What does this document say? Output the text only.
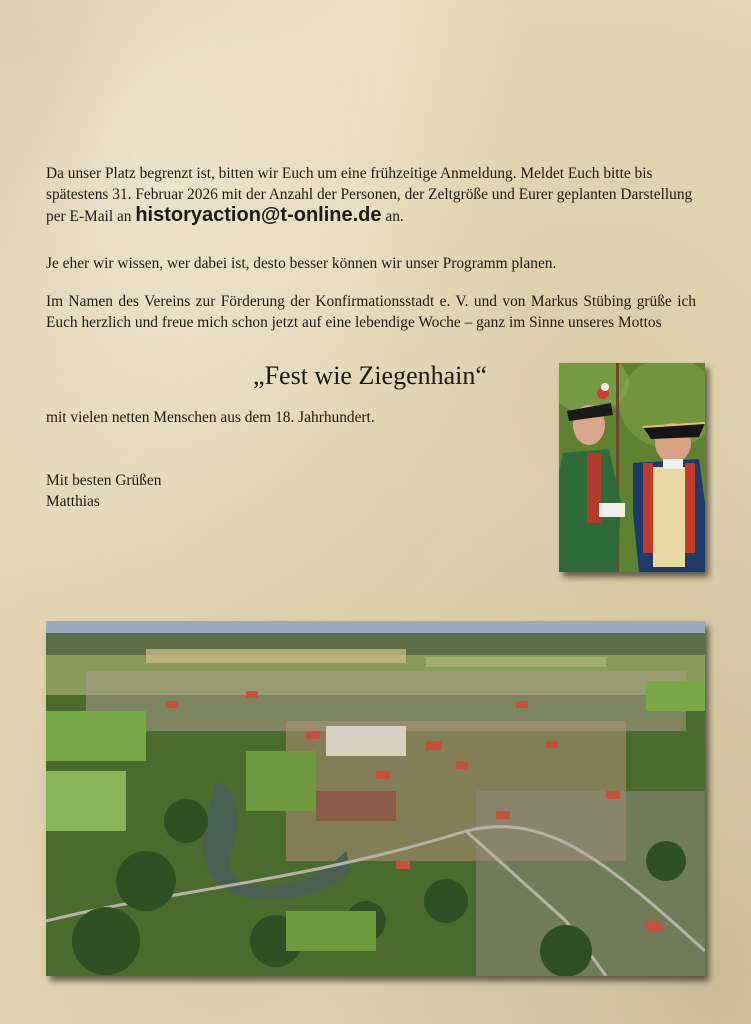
Da unser Platz begrenzt ist, bitten wir Euch um eine frühzeitige Anmeldung. Meldet Euch bitte bis spätestens 31. Februar 2026 mit der Anzahl der Personen, der Zeltgröße und Eurer geplanten Darstellung per E-Mail an historyaction@t-online.de an.

Je eher wir wissen, wer dabei ist, desto besser können wir unser Programm planen.

Im Namen des Vereins zur Förderung der Konfirmationsstadt e. V. und von Markus Stübing grüße ich Euch herzlich und freue mich schon jetzt auf eine lebendige Woche – ganz im Sinne unseres Mottos

„Fest wie Ziegenhain“

mit vielen netten Menschen aus dem 18. Jahrhundert.

Mit besten Grüßen
Matthias
